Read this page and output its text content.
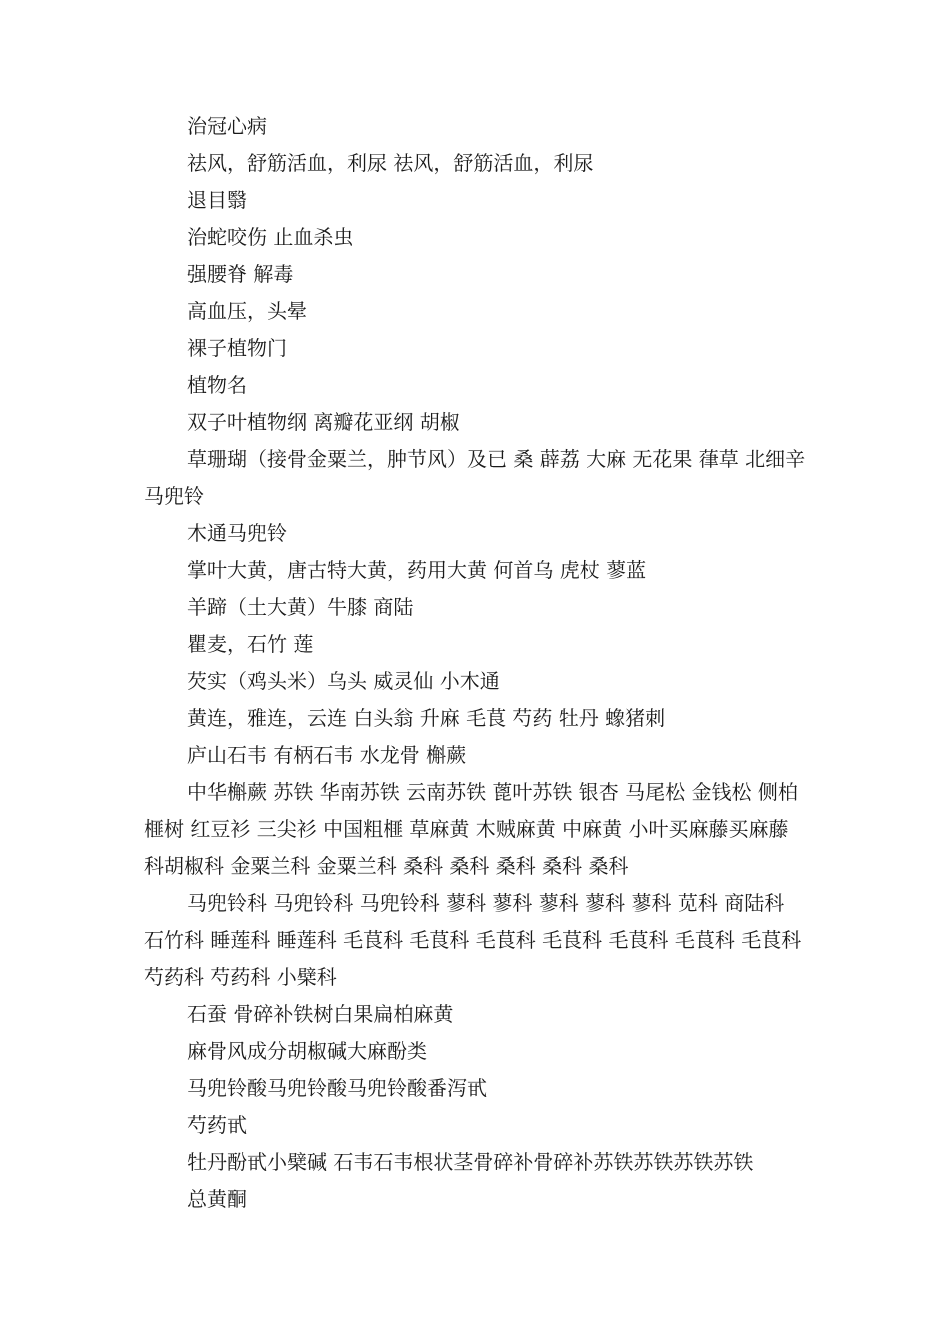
治冠心病

祛风，舒筋活血，利尿 祛风，舒筋活血，利尿

退目翳

治蛇咬伤 止血杀虫

强腰脊 解毒

高血压，头晕

裸子植物门

植物名

双子叶植物纲 离瓣花亚纲 胡椒

草珊瑚（接骨金粟兰，肿节风）及已 桑 薜荔 大麻 无花果 葎草 北细辛 马兜铃

木通马兜铃

掌叶大黄，唐古特大黄，药用大黄 何首乌 虎杖 蓼蓝

羊蹄（土大黄）牛膝 商陆

瞿麦，石竹 莲

芡实（鸡头米）乌头 威灵仙 小木通

黄连，雅连，云连 白头翁 升麻 毛茛 芍药 牡丹 蟓猪刺

庐山石韦 有柄石韦 水龙骨 槲蕨

中华槲蕨 苏铁 华南苏铁 云南苏铁 蓖叶苏铁 银杏 马尾松 金钱松 侧柏 榧树 红豆衫 三尖衫 中国粗榧 草麻黄 木贼麻黄 中麻黄 小叶买麻藤买麻藤 科胡椒科 金粟兰科 金粟兰科 桑科 桑科 桑科 桑科 桑科

马兜铃科 马兜铃科 马兜铃科 蓼科 蓼科 蓼科 蓼科 蓼科 苋科 商陆科 石竹科 睡莲科 睡莲科 毛茛科 毛茛科 毛茛科 毛茛科 毛茛科 毛茛科 毛茛科 芍药科 芍药科 小檗科

石蚕 骨碎补铁树白果扁柏麻黄

麻骨风成分胡椒碱大麻酚类

马兜铃酸马兜铃酸马兜铃酸番泻甙

芍药甙

牡丹酚甙小檗碱 石韦石韦根状茎骨碎补骨碎补苏铁苏铁苏铁苏铁

总黄酮
